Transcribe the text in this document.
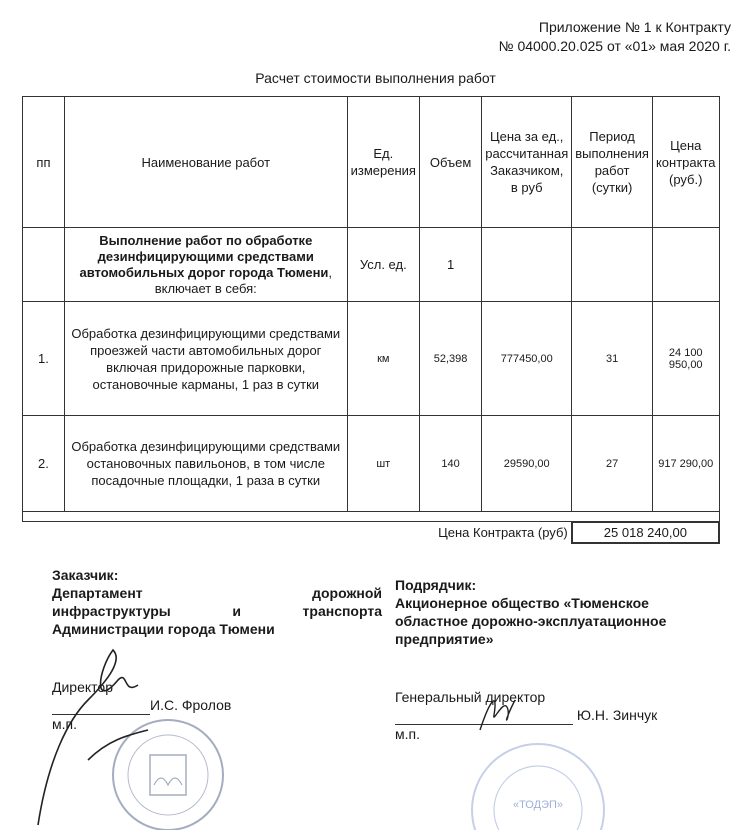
Приложение № 1 к Контракту
№ 04000.20.025 от «01» мая 2020 г.
Расчет стоимости выполнения работ
пп	Наименование работ	Ед. измерения	Объем	Цена за ед., рассчитанная Заказчиком, в руб	Период выполнения работ (сутки)	Цена контракта (руб.)
	Выполнение работ по обработке дезинфицирующими средствами автомобильных дорог города Тюмени, включает в себя:	Усл. ед.	1			
1.	Обработка дезинфицирующими средствами проезжей части автомобильных дорог включая придорожные парковки, остановочные карманы, 1 раз в сутки	км	52,398	777450,00	31	24 100 950,00
2.	Обработка дезинфицирующими средствами остановочных павильонов, в том числе посадочные площадки, 1 раза в сутки	шт	140	29590,00	27	917 290,00

Цена Контракта (руб)					25 018 240,00	
Заказчик:
Департамент дорожной
инфраструктуры и транспорта
Администрации города Тюмени
Директор
И.С. Фролов
м.п.
Подрядчик:
Акционерное общество «Тюменское
областное дорожно-эксплуатационное
предприятие»
Генеральный директор
Ю.Н. Зинчук
м.п.
«ТОДЭП»
